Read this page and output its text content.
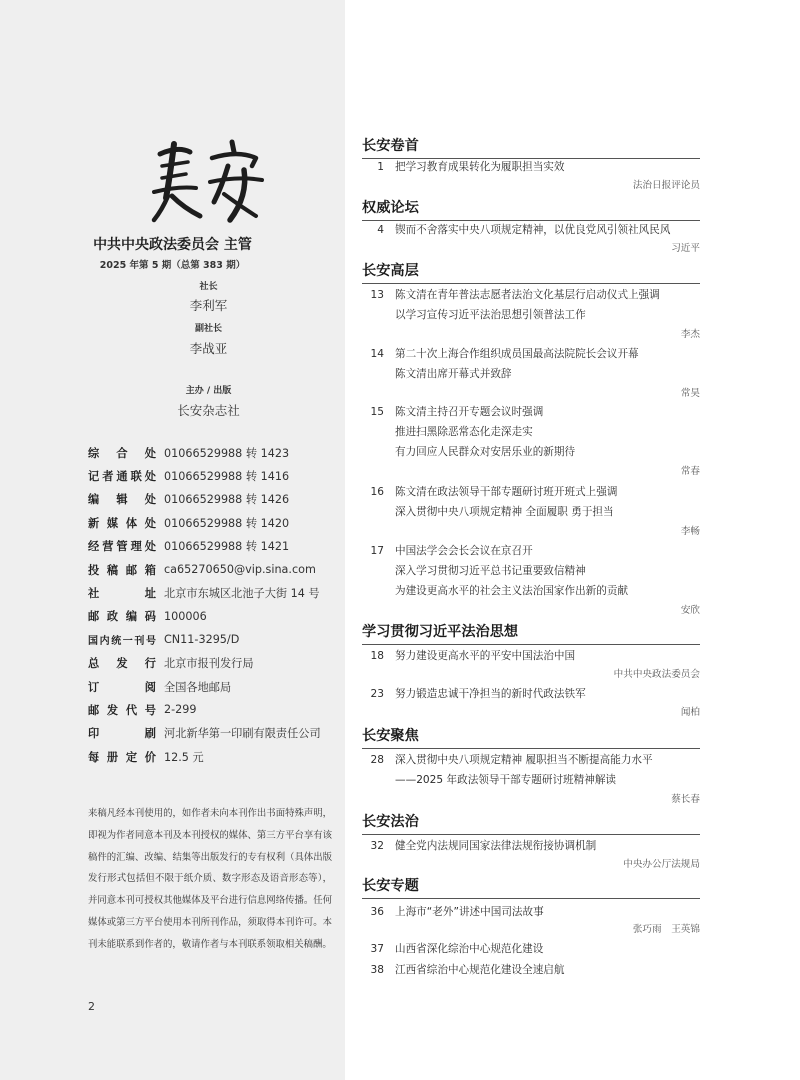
中共中央政法委员会 主管
2025 年第 5 期（总第 383 期）
社长
李利军
副社长
李战亚
主办 / 出版
长安杂志社
综合处 01066529988 转 1423
记者通联处 01066529988 转 1416
编辑处 01066529988 转 1426
新媒体处 01066529988 转 1420
经营管理处 01066529988 转 1421
投稿邮箱 ca65270650@vip.sina.com
社址 北京市东城区北池子大街 14 号
邮政编码 100006
国内统一刊号 CN11-3295/D
总发行 北京市报刊发行局
订阅 全国各地邮局
邮发代号 2-299
印刷 河北新华第一印刷有限责任公司
每册定价 12.5 元
来稿凡经本刊使用的，如作者未向本刊作出书面特殊声明，即视为作者同意本刊及本刊授权的媒体、第三方平台享有该稿件的汇编、改编、结集等出版发行的专有权利（具体出版发行形式包括但不限于纸介质、数字形态及语音形态等），并同意本刊可授权其他媒体及平台进行信息网络传播。任何媒体或第三方平台使用本刊所刊作品，须取得本刊许可。本刊未能联系到作者的，敬请作者与本刊联系领取相关稿酬。
2
长安卷首
1 把学习教育成果转化为履职担当实效
法治日报评论员
权威论坛
4 锲而不舍落实中央八项规定精神，以优良党风引领社风民风
习近平
长安高层
13 陈文清在青年普法志愿者法治文化基层行启动仪式上强调
以学习宣传习近平法治思想引领普法工作
李杰
14 第二十次上海合作组织成员国最高法院院长会议开幕
陈文清出席开幕式并致辞
常昊
15 陈文清主持召开专题会议时强调
推进扫黑除恶常态化走深走实
有力回应人民群众对安居乐业的新期待
常春
16 陈文清在政法领导干部专题研讨班开班式上强调
深入贯彻中央八项规定精神 全面履职 勇于担当
李畅
17 中国法学会会长会议在京召开
深入学习贯彻习近平总书记重要致信精神
为建设更高水平的社会主义法治国家作出新的贡献
安欣
学习贯彻习近平法治思想
18 努力建设更高水平的平安中国法治中国
中共中央政法委员会
23 努力锻造忠诚干净担当的新时代政法铁军
闻柏
长安聚焦
28 深入贯彻中央八项规定精神 履职担当不断提高能力水平
——2025 年政法领导干部专题研讨班精神解读
蔡长春
长安法治
32 健全党内法规同国家法律法规衔接协调机制
中央办公厅法规局
长安专题
36 上海市“老外”讲述中国司法故事
张巧雨　王英锦
37 山西省深化综治中心规范化建设
38 江西省综治中心规范化建设全速启航
